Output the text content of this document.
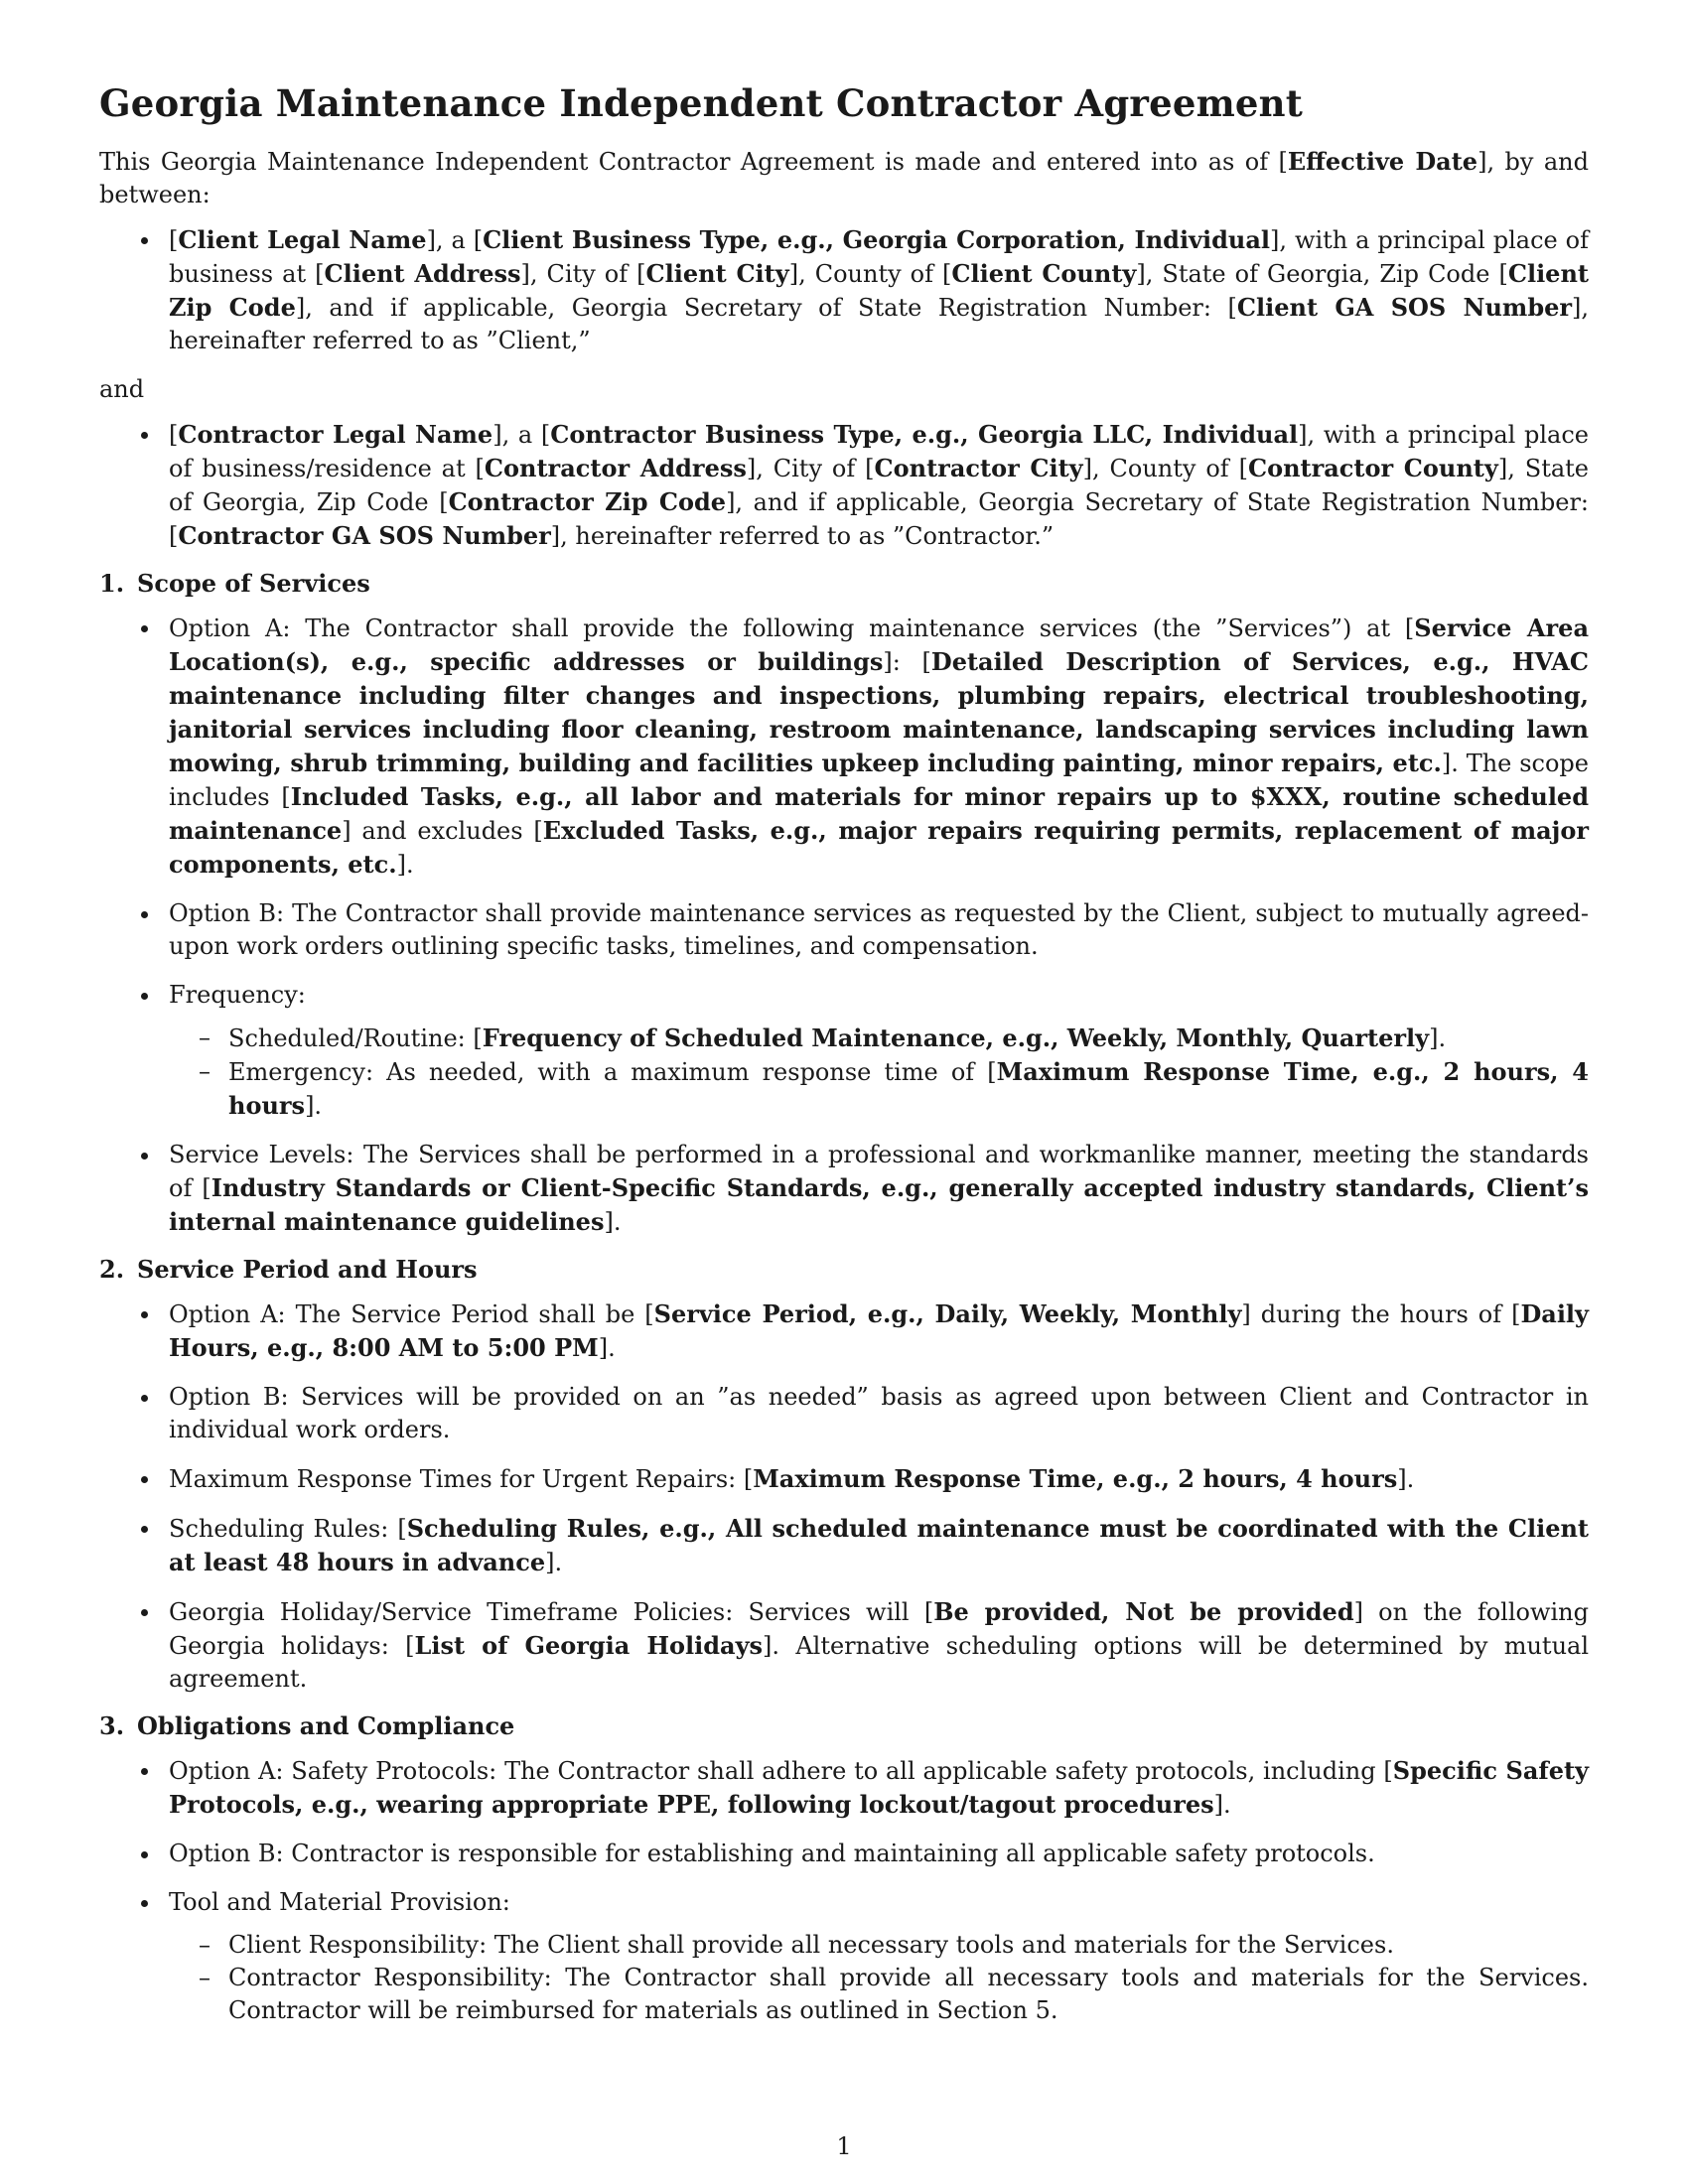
Georgia Maintenance Independent Contractor Agreement

This Georgia Maintenance Independent Contractor Agreement is made and entered into as of [Effective Date], by and between:

[Client Legal Name], a [Client Business Type, e.g., Georgia Corporation, Individual], with a principal place of business at [Client Address], City of [Client City], County of [Client County], State of Georgia, Zip Code [Client Zip Code], and if applicable, Georgia Secretary of State Registration Number: [Client GA SOS Number], hereinafter referred to as ”Client,”

and

[Contractor Legal Name], a [Contractor Business Type, e.g., Georgia LLC, Individual], with a principal place of business/residence at [Contractor Address], City of [Contractor City], County of [Contractor County], State of Georgia, Zip Code [Contractor Zip Code], and if applicable, Georgia Secretary of State Registration Number: [Contractor GA SOS Number], hereinafter referred to as ”Contractor.”
1. Scope of Services
Option A: The Contractor shall provide the following maintenance services (the ”Services”) at [Service Area Location(s), e.g., specific addresses or buildings]: [Detailed Description of Services, e.g., HVAC maintenance including filter changes and inspections, plumbing repairs, electrical troubleshooting, janitorial services including floor cleaning, restroom maintenance, landscaping services including lawn mowing, shrub trimming, building and facilities upkeep including painting, minor repairs, etc.]. The scope includes [Included Tasks, e.g., all labor and materials for minor repairs up to $XXX, routine scheduled maintenance] and excludes [Excluded Tasks, e.g., major repairs requiring permits, replacement of major components, etc.].
Option B: The Contractor shall provide maintenance services as requested by the Client, subject to mutually agreed-upon work orders outlining specific tasks, timelines, and compensation.
Frequency:
– Scheduled/Routine: [Frequency of Scheduled Maintenance, e.g., Weekly, Monthly, Quarterly].
– Emergency: As needed, with a maximum response time of [Maximum Response Time, e.g., 2 hours, 4 hours].
Service Levels: The Services shall be performed in a professional and workmanlike manner, meeting the standards of [Industry Standards or Client-Specific Standards, e.g., generally accepted industry standards, Client’s internal maintenance guidelines].
2. Service Period and Hours
Option A: The Service Period shall be [Service Period, e.g., Daily, Weekly, Monthly] during the hours of [Daily Hours, e.g., 8:00 AM to 5:00 PM].
Option B: Services will be provided on an ”as needed” basis as agreed upon between Client and Contractor in individual work orders.
Maximum Response Times for Urgent Repairs: [Maximum Response Time, e.g., 2 hours, 4 hours].
Scheduling Rules: [Scheduling Rules, e.g., All scheduled maintenance must be coordinated with the Client at least 48 hours in advance].
Georgia Holiday/Service Timeframe Policies: Services will [Be provided, Not be provided] on the following Georgia holidays: [List of Georgia Holidays]. Alternative scheduling options will be determined by mutual agreement.
3. Obligations and Compliance
Option A: Safety Protocols: The Contractor shall adhere to all applicable safety protocols, including [Specific Safety Protocols, e.g., wearing appropriate PPE, following lockout/tagout procedures].
Option B: Contractor is responsible for establishing and maintaining all applicable safety protocols.
Tool and Material Provision:
– Client Responsibility: The Client shall provide all necessary tools and materials for the Services.
– Contractor Responsibility: The Contractor shall provide all necessary tools and materials for the Services. Contractor will be reimbursed for materials as outlined in Section 5.
1
